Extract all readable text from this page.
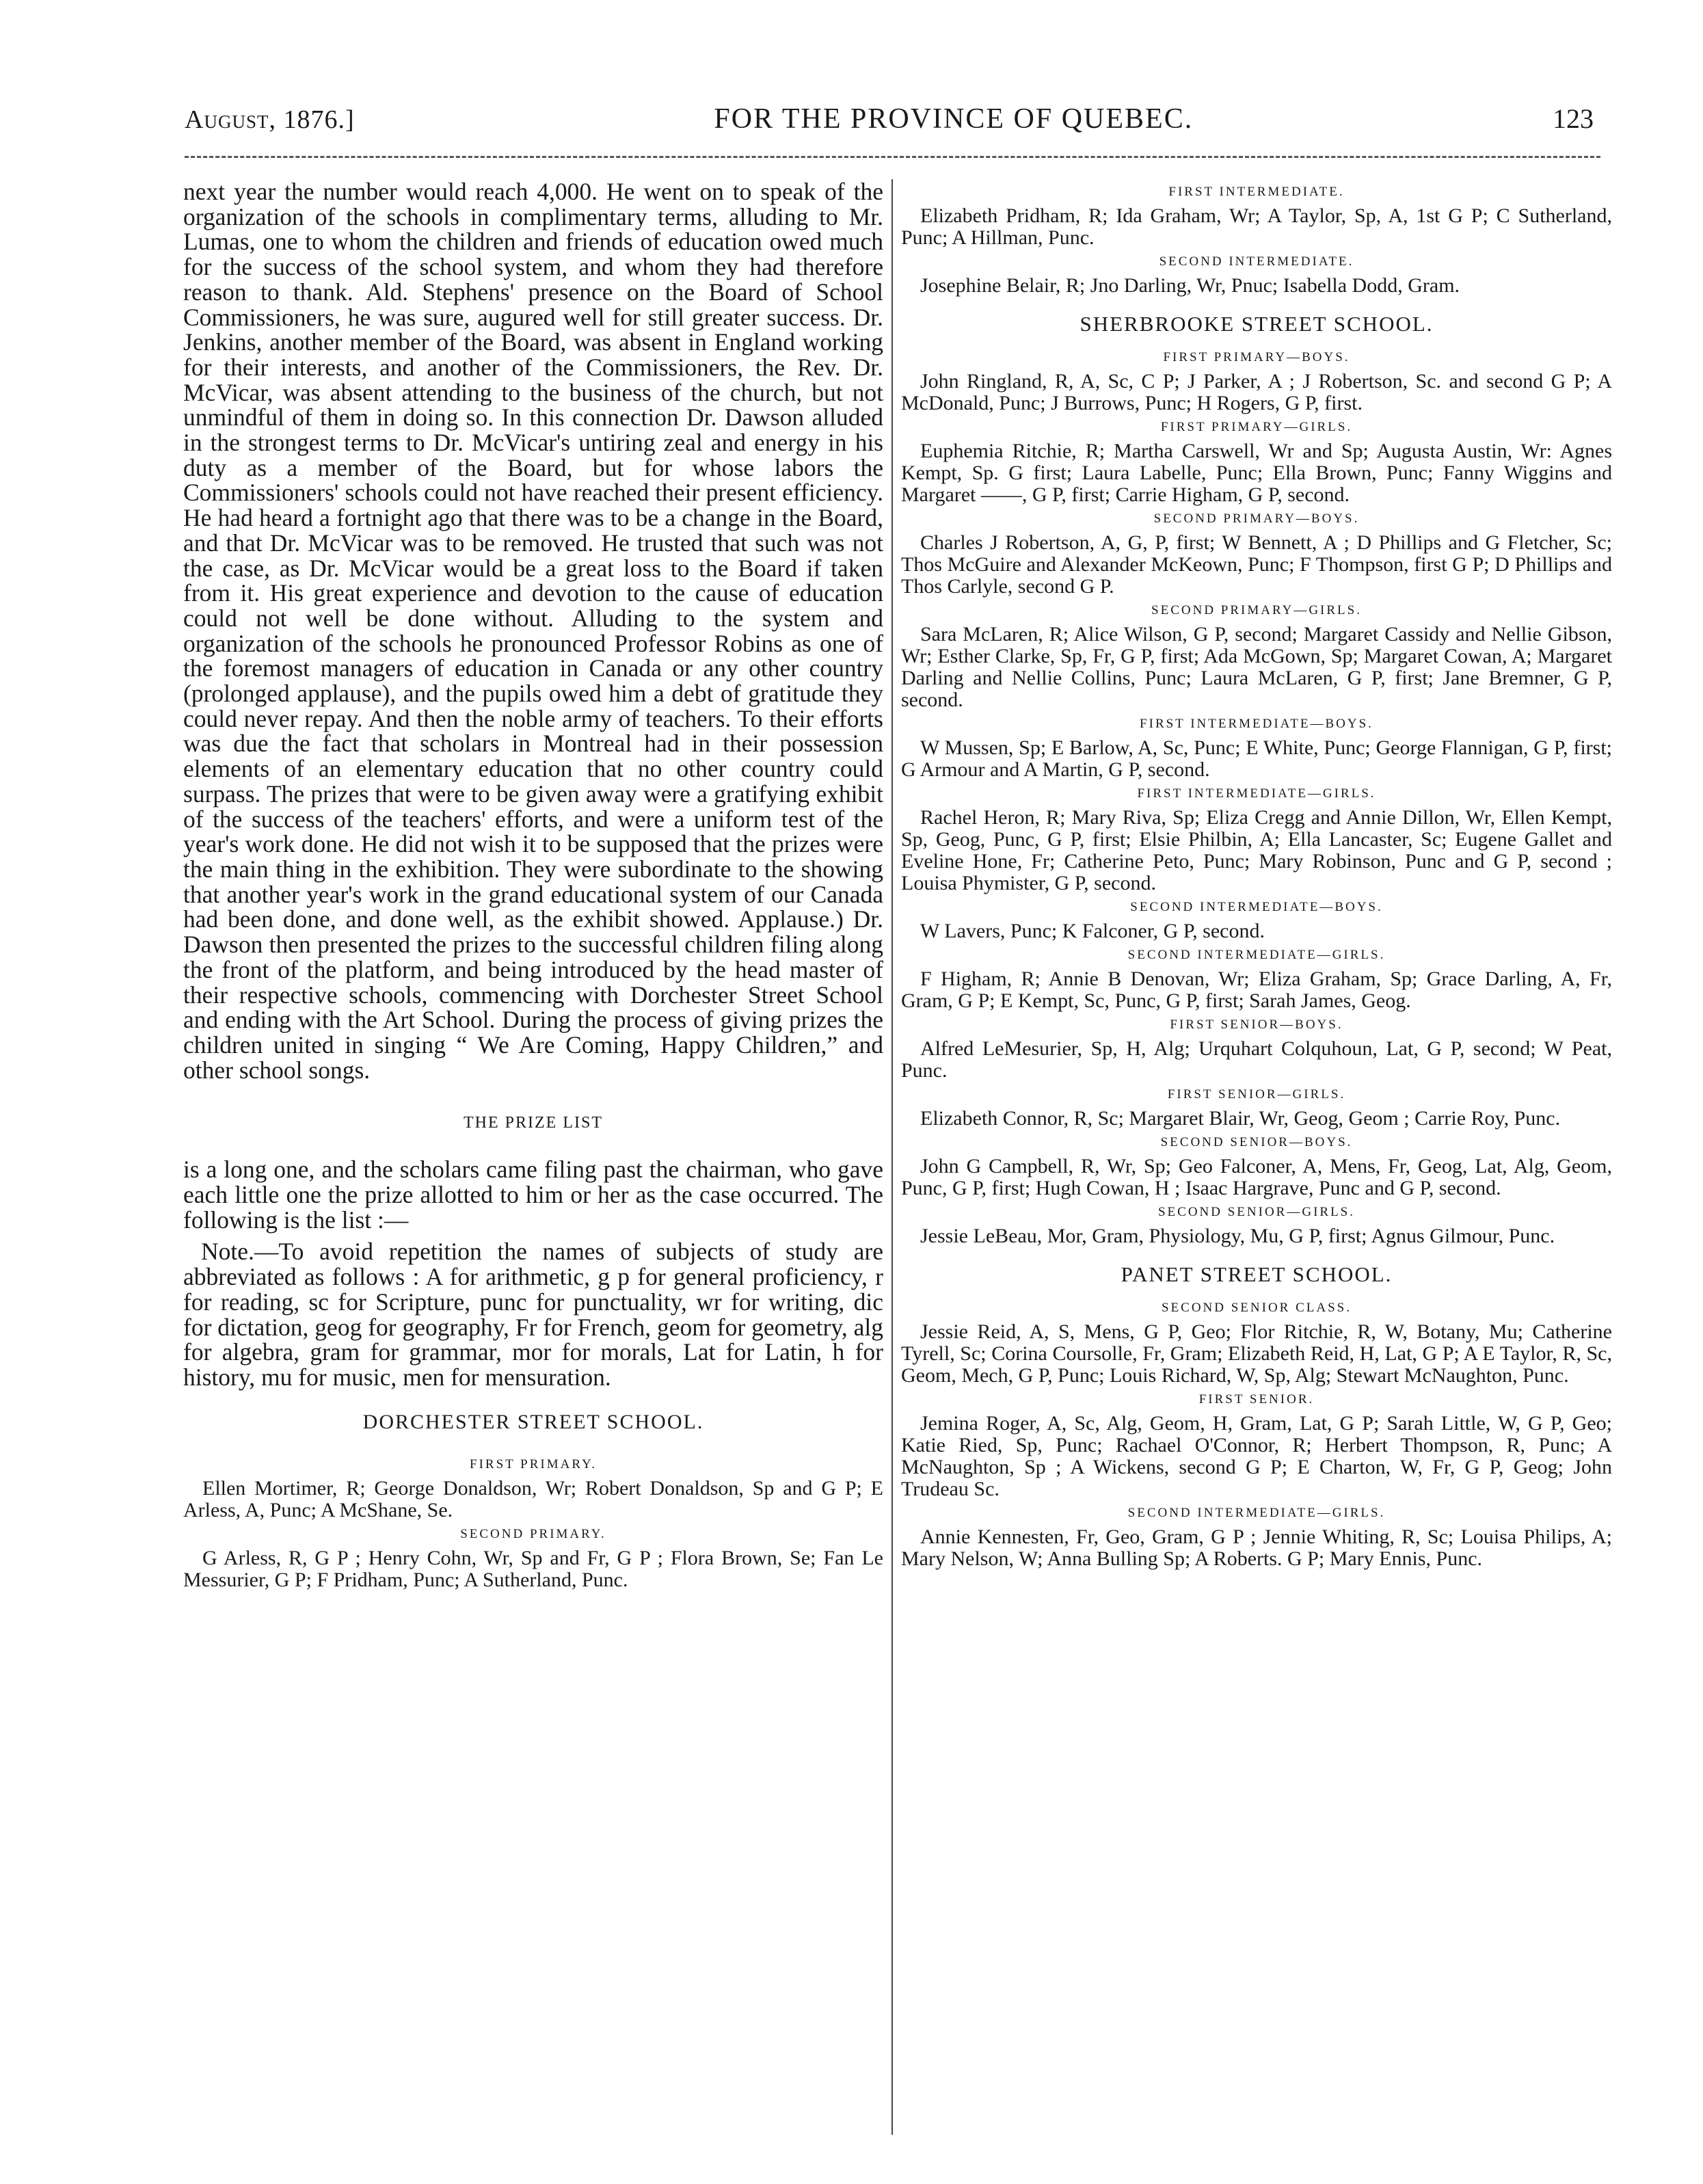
August, 1876.]	FOR THE PROVINCE OF QUEBEC.	123

next year the number would reach 4,000. He went on to speak of the organization of the schools in complimentary terms, alluding to Mr. Lumas, one to whom the children and friends of education owed much for the success of the school system, and whom they had therefore reason to thank. Ald. Stephens' presence on the Board of School Commissioners, he was sure, augured well for still greater success. Dr. Jenkins, another member of the Board, was absent in England working for their interests, and another of the Commissioners, the Rev. Dr. McVicar, was absent attending to the business of the church, but not unmindful of them in doing so. In this connection Dr. Dawson alluded in the strongest terms to Dr. McVicar's untiring zeal and energy in his duty as a member of the Board, but for whose labors the Commissioners' schools could not have reached their present efficiency. He had heard a fortnight ago that there was to be a change in the Board, and that Dr. McVicar was to be removed. He trusted that such was not the case, as Dr. McVicar would be a great loss to the Board if taken from it. His great experience and devotion to the cause of education could not well be done without. Alluding to the system and organization of the schools he pronounced Professor Robins as one of the foremost managers of education in Canada or any other country (prolonged applause), and the pupils owed him a debt of gratitude they could never repay. And then the noble army of teachers. To their efforts was due the fact that scholars in Montreal had in their possession elements of an elementary education that no other country could surpass. The prizes that were to be given away were a gratifying exhibit of the success of the teachers' efforts, and were a uniform test of the year's work done. He did not wish it to be supposed that the prizes were the main thing in the exhibition. They were subordinate to the showing that another year's work in the grand educational system of our Canada had been done, and done well, as the exhibit showed. Applause.) Dr. Dawson then presented the prizes to the successful children filing along the front of the platform, and being introduced by the head master of their respective schools, commencing with Dorchester Street School and ending with the Art School. During the process of giving prizes the children united in singing “ We Are Coming, Happy Children,” and other school songs.

THE PRIZE LIST

is a long one, and the scholars came filing past the chairman, who gave each little one the prize allotted to him or her as the case occurred. The following is the list :—

Note.—To avoid repetition the names of subjects of study are abbreviated as follows : A for arithmetic, g p for general proficiency, r for reading, sc for Scripture, punc for punctuality, wr for writing, dic for dictation, geog for geography, Fr for French, geom for geometry, alg for algebra, gram for grammar, mor for morals, Lat for Latin, h for history, mu for music, men for mensuration.

DORCHESTER STREET SCHOOL.
FIRST PRIMARY.

Ellen Mortimer, R; George Donaldson, Wr; Robert Donaldson, Sp and G P; E Arless, A, Punc; A McShane, Se.

SECOND PRIMARY.

G Arless, R, G P ; Henry Cohn, Wr, Sp and Fr, G P ; Flora Brown, Se; Fan Le Messurier, G P; F Pridham, Punc; A Sutherland, Punc.

FIRST INTERMEDIATE.

Elizabeth Pridham, R; Ida Graham, Wr; A Taylor, Sp, A, 1st G P; C Sutherland, Punc; A Hillman, Punc.

SECOND INTERMEDIATE.

Josephine Belair, R; Jno Darling, Wr, Pnuc; Isabella Dodd, Gram.

SHERBROOKE STREET SCHOOL.
FIRST PRIMARY—BOYS.

John Ringland, R, A, Sc, C P; J Parker, A ; J Robertson, Sc. and second G P; A McDonald, Punc; J Burrows, Punc; H Rogers, G P, first.

FIRST PRIMARY—GIRLS.

Euphemia Ritchie, R; Martha Carswell, Wr and Sp; Augusta Austin, Wr: Agnes Kempt, Sp. G first; Laura Labelle, Punc; Ella Brown, Punc; Fanny Wiggins and Margaret ——, G P, first; Carrie Higham, G P, second.

SECOND PRIMARY—BOYS.

Charles J Robertson, A, G, P, first; W Bennett, A ; D Phillips and G Fletcher, Sc; Thos McGuire and Alexander McKeown, Punc; F Thompson, first G P; D Phillips and Thos Carlyle, second G P.

SECOND PRIMARY—GIRLS.

Sara McLaren, R; Alice Wilson, G P, second; Margaret Cassidy and Nellie Gibson, Wr; Esther Clarke, Sp, Fr, G P, first; Ada McGown, Sp; Margaret Cowan, A; Margaret Darling and Nellie Collins, Punc; Laura McLaren, G P, first; Jane Bremner, G P, second.

FIRST INTERMEDIATE—BOYS.

W Mussen, Sp; E Barlow, A, Sc, Punc; E White, Punc; George Flannigan, G P, first; G Armour and A Martin, G P, second.

FIRST INTERMEDIATE—GIRLS.

Rachel Heron, R; Mary Riva, Sp; Eliza Cregg and Annie Dillon, Wr, Ellen Kempt, Sp, Geog, Punc, G P, first; Elsie Philbin, A; Ella Lancaster, Sc; Eugene Gallet and Eveline Hone, Fr; Catherine Peto, Punc; Mary Robinson, Punc and G P, second ; Louisa Phymister, G P, second.

SECOND INTERMEDIATE—BOYS.

W Lavers, Punc; K Falconer, G P, second.

SECOND INTERMEDIATE—GIRLS.

F Higham, R; Annie B Denovan, Wr; Eliza Graham, Sp; Grace Darling, A, Fr, Gram, G P; E Kempt, Sc, Punc, G P, first; Sarah James, Geog.

FIRST SENIOR—BOYS.

Alfred LeMesurier, Sp, H, Alg; Urquhart Colquhoun, Lat, G P, second; W Peat, Punc.

FIRST SENIOR—GIRLS.

Elizabeth Connor, R, Sc; Margaret Blair, Wr, Geog, Geom ; Carrie Roy, Punc.

SECOND SENIOR—BOYS.

John G Campbell, R, Wr, Sp; Geo Falconer, A, Mens, Fr, Geog, Lat, Alg, Geom, Punc, G P, first; Hugh Cowan, H ; Isaac Hargrave, Punc and G P, second.

SECOND SENIOR—GIRLS.

Jessie LeBeau, Mor, Gram, Physiology, Mu, G P, first; Agnus Gilmour, Punc.

PANET STREET SCHOOL.
SECOND SENIOR CLASS.

Jessie Reid, A, S, Mens, G P, Geo; Flor Ritchie, R, W, Botany, Mu; Catherine Tyrell, Sc; Corina Coursolle, Fr, Gram; Elizabeth Reid, H, Lat, G P; A E Taylor, R, Sc, Geom, Mech, G P, Punc; Louis Richard, W, Sp, Alg; Stewart McNaughton, Punc.

FIRST SENIOR.

Jemina Roger, A, Sc, Alg, Geom, H, Gram, Lat, G P; Sarah Little, W, G P, Geo; Katie Ried, Sp, Punc; Rachael O'Connor, R; Herbert Thompson, R, Punc; A McNaughton, Sp ; A Wickens, second G P; E Charton, W, Fr, G P, Geog; John Trudeau Sc.

SECOND INTERMEDIATE—GIRLS.

Annie Kennesten, Fr, Geo, Gram, G P ; Jennie Whiting, R, Sc; Louisa Philips, A; Mary Nelson, W; Anna Bulling Sp; A Roberts. G P; Mary Ennis, Punc.
